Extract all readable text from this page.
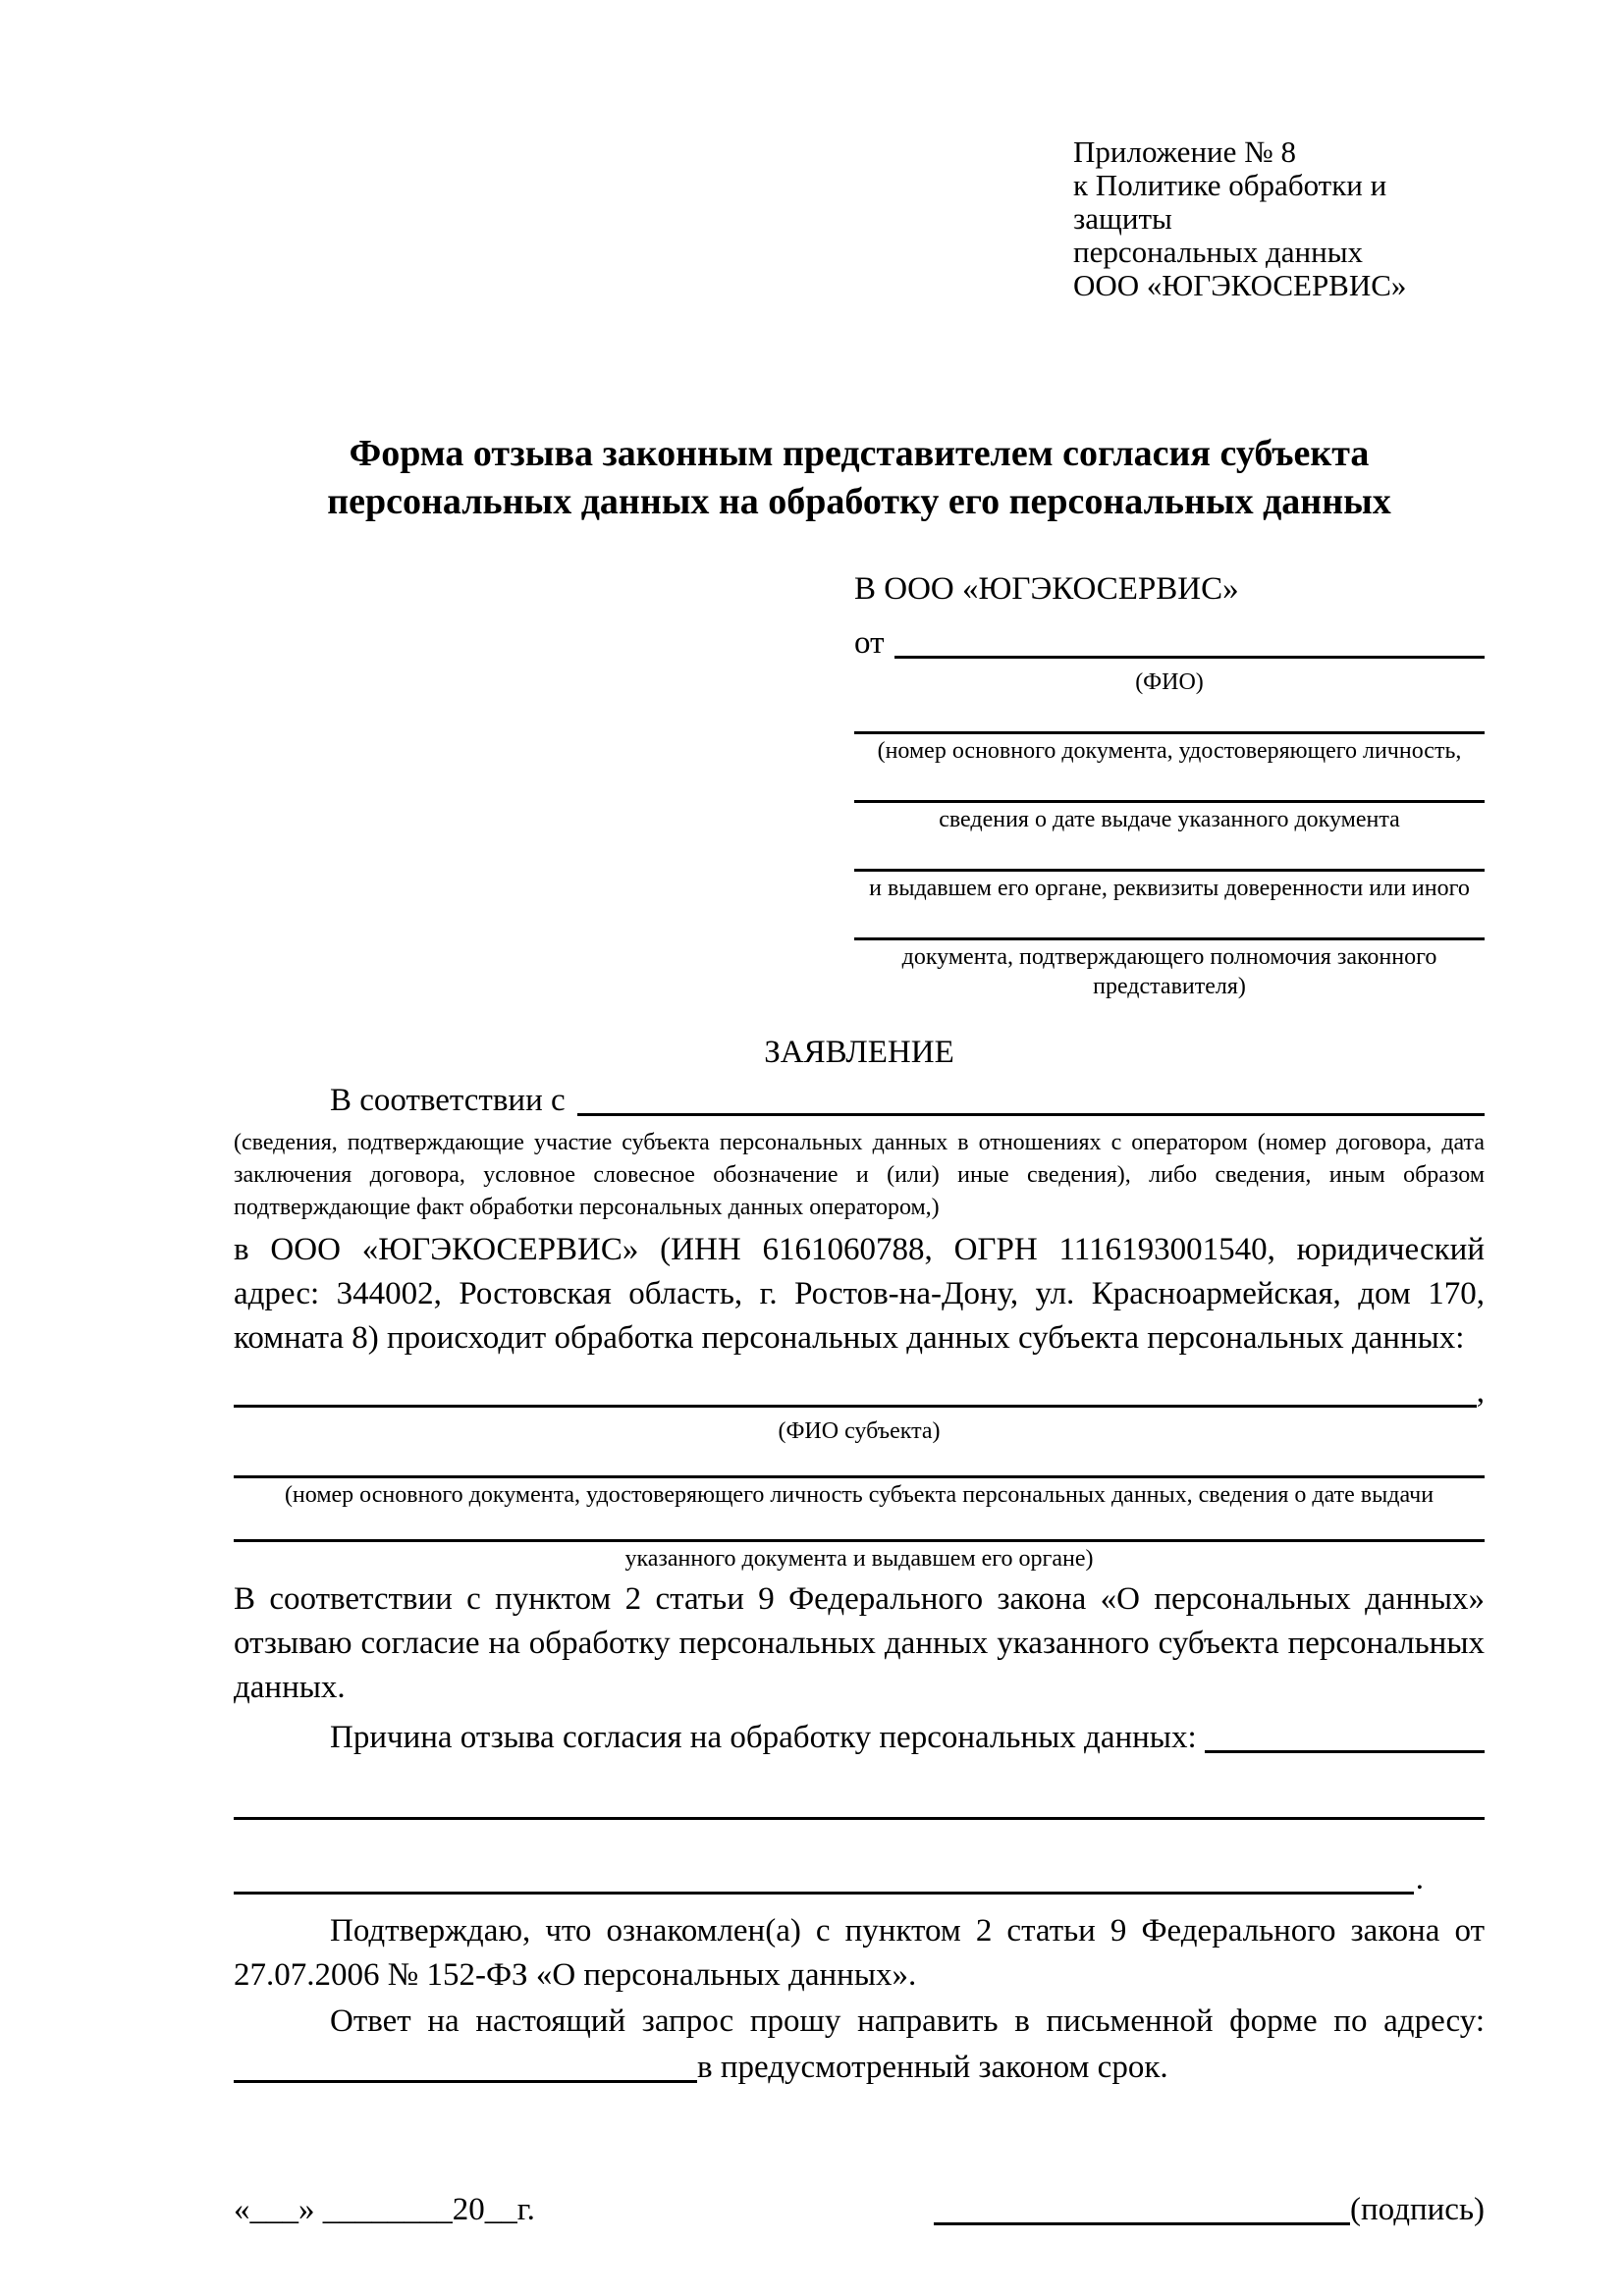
Приложение № 8
к Политике обработки и защиты
персональных данных
ООО «ЮГЭКОСЕРВИС»
Форма отзыва законным представителем согласия субъекта
персональных данных на обработку его персональных данных
В ООО «ЮГЭКОСЕРВИС»
от
(ФИО)
(номер основного документа, удостоверяющего личность,
сведения о дате выдаче указанного документа
и выдавшем его органе, реквизиты доверенности или иного
документа, подтверждающего полномочия законного представителя)
ЗАЯВЛЕНИЕ
В соответствии с
(сведения, подтверждающие участие субъекта персональных данных в отношениях с оператором (номер договора, дата заключения договора, условное словесное обозначение и (или) иные сведения), либо сведения, иным образом подтверждающие факт обработки персональных данных оператором,)
в ООО «ЮГЭКОСЕРВИС» (ИНН 6161060788, ОГРН 1116193001540, юридический адрес: 344002, Ростовская область, г. Ростов-на-Дону, ул. Красноармейская, дом 170, комната 8) происходит обработка персональных данных субъекта персональных данных:
,
(ФИО субъекта)
(номер основного документа, удостоверяющего личность субъекта персональных данных, сведения о дате выдачи
указанного документа и выдавшем его органе)
В соответствии с пунктом 2 статьи 9 Федерального закона «О персональных данных» отзываю согласие на обработку персональных данных указанного субъекта персональных данных.
Причина отзыва согласия на обработку персональных данных:
.
Подтверждаю, что ознакомлен(а) с пунктом 2 статьи 9 Федерального закона от 27.07.2006 № 152-ФЗ «О персональных данных».
Ответ на настоящий запрос прошу направить в письменной форме по адресу:
в предусмотренный законом срок.
«___» ________20__г.	(подпись)
